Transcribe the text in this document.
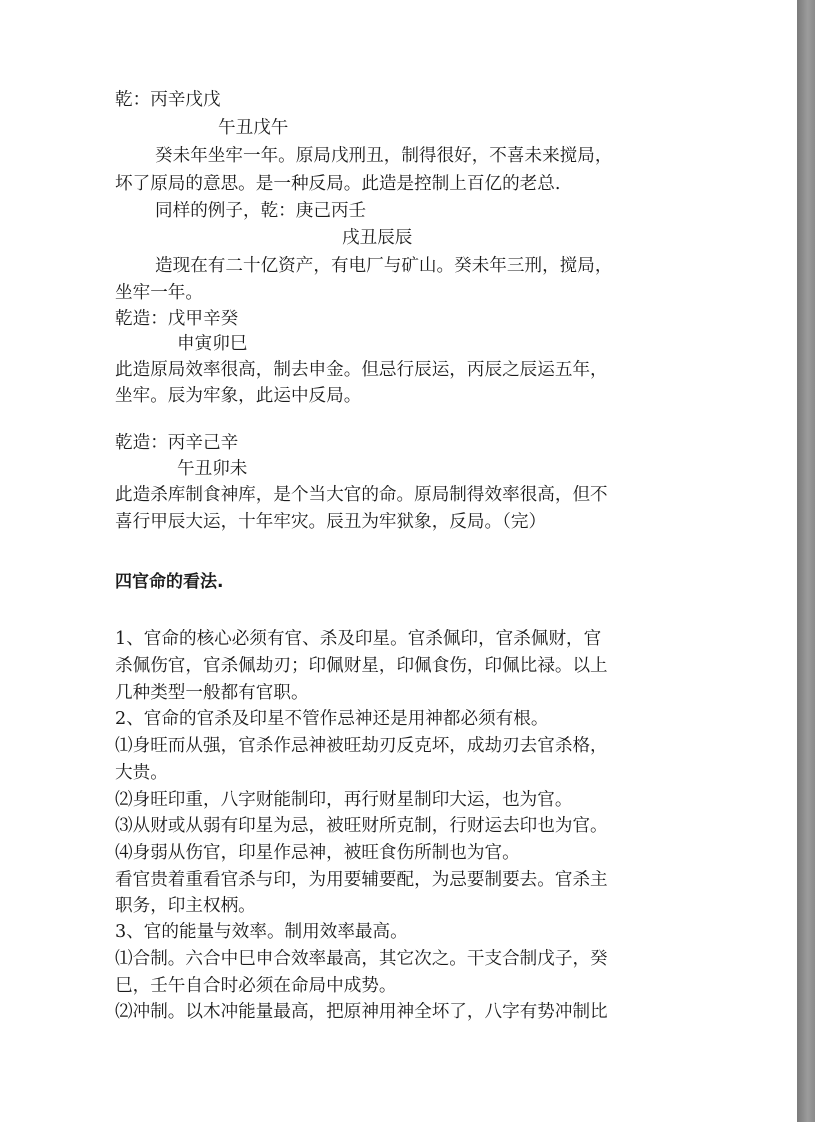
乾：丙辛戊戊

午丑戊午

癸未年坐牢一年。原局戊刑丑，制得很好，不喜未来搅局，

坏了原局的意思。是一种反局。此造是控制上百亿的老总.

同样的例子，乾：庚己丙壬

戌丑辰辰

造现在有二十亿资产，有电厂与矿山。癸未年三刑，搅局，

坐牢一年。

乾造：戊甲辛癸

申寅卯巳

此造原局效率很高，制去申金。但忌行辰运，丙辰之辰运五年，

坐牢。辰为牢象，此运中反局。

乾造：丙辛己辛

午丑卯未

此造杀库制食神库，是个当大官的命。原局制得效率很高，但不

喜行甲辰大运，十年牢灾。辰丑为牢狱象，反局。（完）

四官命的看法.

1、官命的核心必须有官、杀及印星。官杀佩印，官杀佩财，官

杀佩伤官，官杀佩劫刃；印佩财星，印佩食伤，印佩比禄。以上

几种类型一般都有官职。

2、官命的官杀及印星不管作忌神还是用神都必须有根。

⑴身旺而从强，官杀作忌神被旺劫刃反克坏，成劫刃去官杀格，

大贵。

⑵身旺印重，八字财能制印，再行财星制印大运，也为官。

⑶从财或从弱有印星为忌，被旺财所克制，行财运去印也为官。

⑷身弱从伤官，印星作忌神，被旺食伤所制也为官。

看官贵着重看官杀与印，为用要辅要配，为忌要制要去。官杀主

职务，印主权柄。

3、官的能量与效率。制用效率最高。

⑴合制。六合中巳申合效率最高，其它次之。干支合制戊子，癸

巳，壬午自合时必须在命局中成势。

⑵冲制。以木冲能量最高，把原神用神全坏了，八字有势冲制比
